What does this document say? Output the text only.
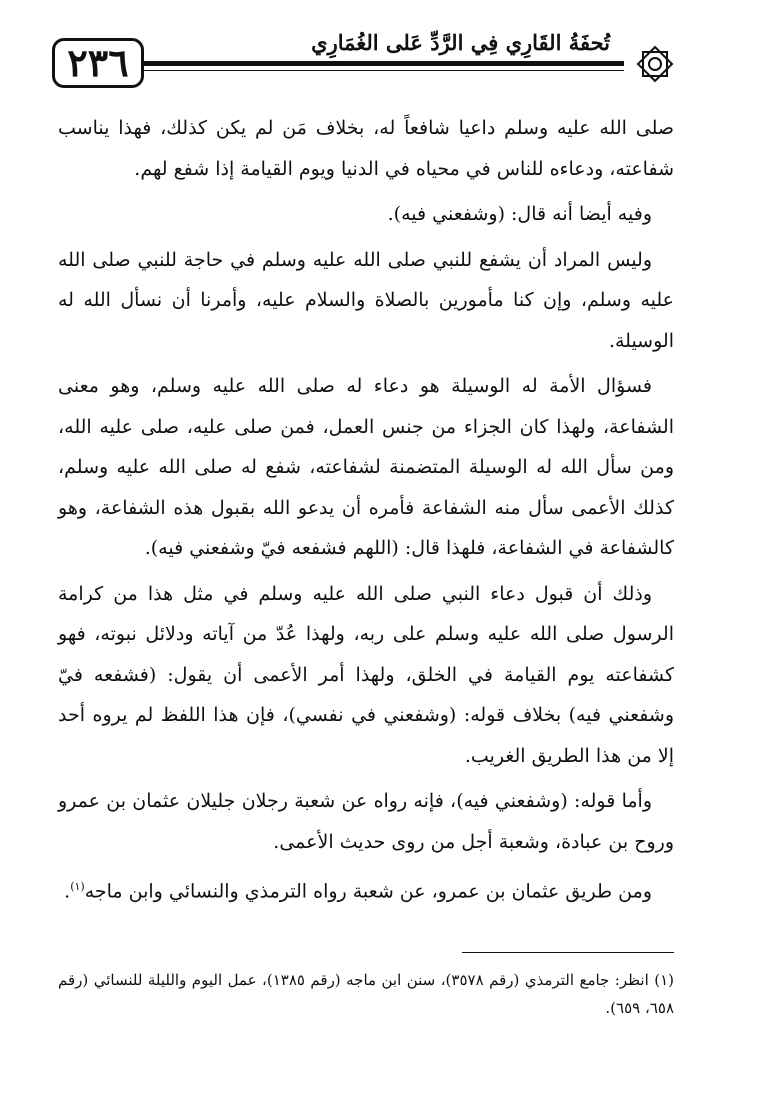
٢٣٦	تُحفَةُ القَارِي فِي الرَّدِّ عَلى الغُمَارِي

صلى الله عليه وسلم داعيا شافعاً له، بخلاف مَن لم يكن كذلك، فهذا يناسب شفاعته، ودعاءه للناس في محياه في الدنيا ويوم القيامة إذا شفع لهم.

وفيه أيضا أنه قال: (وشفعني فيه).

وليس المراد أن يشفع للنبي صلى الله عليه وسلم في حاجة للنبي صلى الله عليه وسلم، وإن كنا مأمورين بالصلاة والسلام عليه، وأمرنا أن نسأل الله له الوسيلة.

فسؤال الأمة له الوسيلة هو دعاء له صلى الله عليه وسلم، وهو معنى الشفاعة، ولهذا كان الجزاء من جنس العمل، فمن صلى عليه، صلى عليه الله، ومن سأل الله له الوسيلة المتضمنة لشفاعته، شفع له صلى الله عليه وسلم، كذلك الأعمى سأل منه الشفاعة فأمره أن يدعو الله بقبول هذه الشفاعة، وهو كالشفاعة في الشفاعة، فلهذا قال: (اللهم فشفعه فيّ وشفعني فيه).

وذلك أن قبول دعاء النبي صلى الله عليه وسلم في مثل هذا من كرامة الرسول صلى الله عليه وسلم على ربه، ولهذا عُدّ من آياته ودلائل نبوته، فهو كشفاعته يوم القيامة في الخلق، ولهذا أمر الأعمى أن يقول: (فشفعه فيّ وشفعني فيه) بخلاف قوله: (وشفعني في نفسي)، فإن هذا اللفظ لم يروه أحد إلا من هذا الطريق الغريب.

وأما قوله: (وشفعني فيه)، فإنه رواه عن شعبة رجلان جليلان عثمان بن عمرو وروح بن عبادة، وشعبة أجل من روى حديث الأعمى.

ومن طريق عثمان بن عمرو، عن شعبة رواه الترمذي والنسائي وابن ماجه$^{(١)}$.

(١) انظر: جامع الترمذي (رقم ٣٥٧٨)، سنن ابن ماجه (رقم ١٣٨٥)، عمل اليوم والليلة للنسائي (رقم ٦٥٨، ٦٥٩).
